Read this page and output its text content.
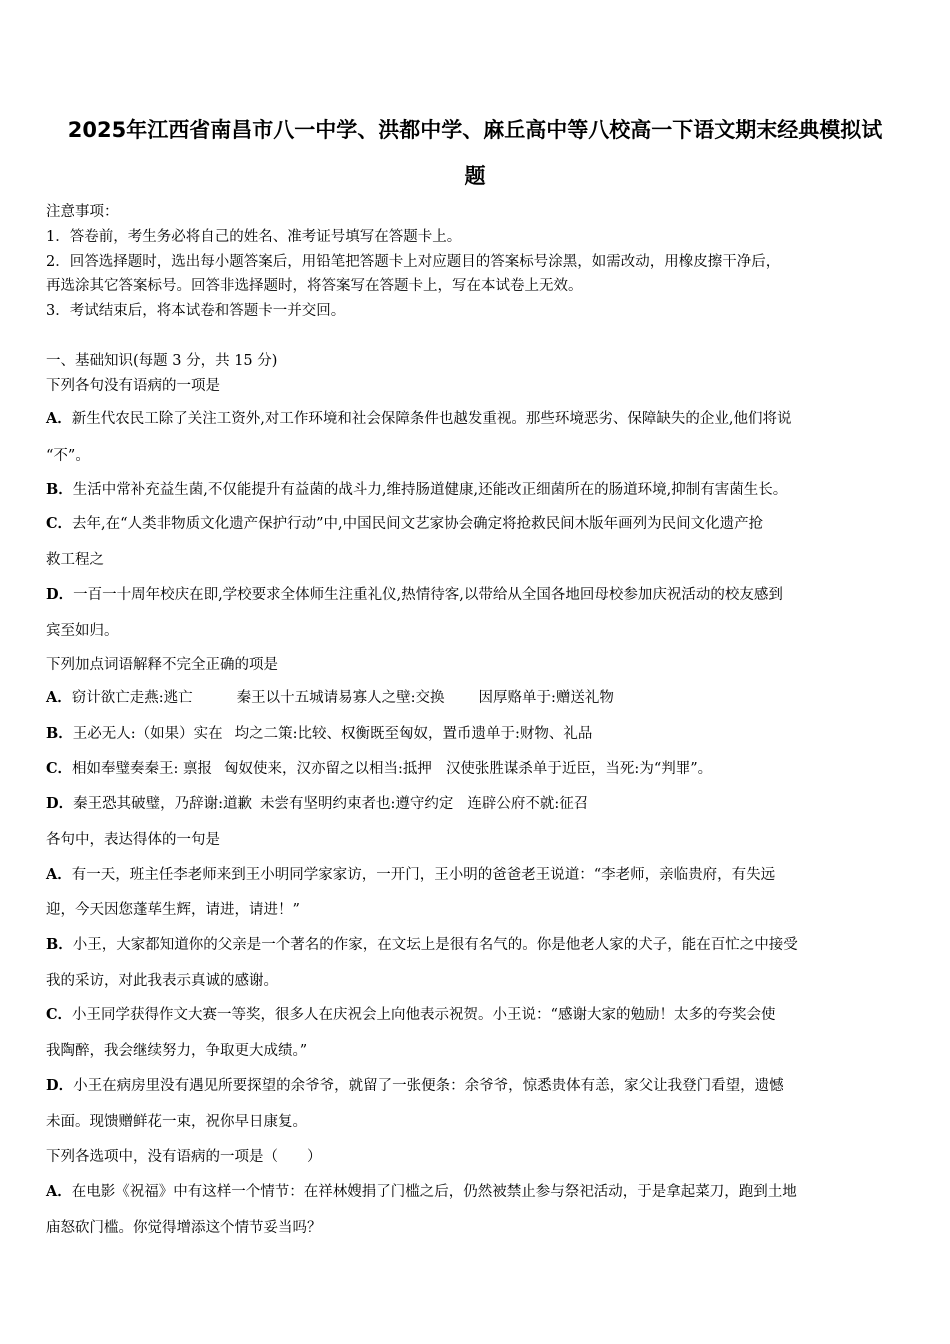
2025年江西省南昌市八一中学、洪都中学、麻丘高中等八校高一下语文期末经典模拟试
题
注意事项：
1．答卷前，考生务必将自己的姓名、准考证号填写在答题卡上。
2．回答选择题时，选出每小题答案后，用铅笔把答题卡上对应题目的答案标号涂黑，如需改动，用橡皮擦干净后，
再选涂其它答案标号。回答非选择题时，将答案写在答题卡上，写在本试卷上无效。
3．考试结束后，将本试卷和答题卡一并交回。
一、基础知识(每题 3 分，共 15 分)
下列各句没有语病的一项是
A．新生代农民工除了关注工资外,对工作环境和社会保障条件也越发重视。那些环境恶劣、保障缺失的企业,他们将说
“不”。
B．生活中常补充益生菌,不仅能提升有益菌的战斗力,维持肠道健康,还能改正细菌所在的肠道环境,抑制有害菌生长。
C．去年,在“人类非物质文化遗产保护行动”中,中国民间文艺家协会确定将抢救民间木版年画列为民间文化遗产抢
救工程之
D．一百一十周年校庆在即,学校要求全体师生注重礼仪,热情待客,以带给从全国各地回母校参加庆祝活动的校友感到
宾至如归。
下列加点词语解释不完全正确的项是
A．窃计欲亡走燕:逃亡	秦王以十五城请易寡人之壁:交换 因厚赂单于:赠送礼物
B．王必无人:（如果）实在 均之二策:比较、权衡既至匈奴，置币遗单于:财物、礼品
C．相如奉璧奏秦王: 禀报 匈奴使来，汉亦留之以相当:抵押 汉使张胜谋杀单于近臣，当死:为“判罪”。
D．秦王恐其破璧，乃辞谢:道歉 未尝有坚明约束者也:遵守约定 连辟公府不就:征召
各句中，表达得体的一句是
A．有一天，班主任李老师来到王小明同学家家访，一开门，王小明的爸爸老王说道：“李老师，亲临贵府，有失远
迎，今天因您蓬荜生辉，请进，请进！”
B．小王，大家都知道你的父亲是一个著名的作家，在文坛上是很有名气的。你是他老人家的犬子，能在百忙之中接受
我的采访，对此我表示真诚的感谢。
C．小王同学获得作文大赛一等奖，很多人在庆祝会上向他表示祝贺。小王说：“感谢大家的勉励！太多的夸奖会使
我陶醉，我会继续努力，争取更大成绩。”
D．小王在病房里没有遇见所要探望的余爷爷，就留了一张便条：余爷爷，惊悉贵体有恙，家父让我登门看望，遗憾
未面。现馈赠鲜花一束，祝你早日康复。
下列各选项中，没有语病的一项是（　　）
A．在电影《祝福》中有这样一个情节：在祥林嫂捐了门槛之后，仍然被禁止参与祭祀活动，于是拿起菜刀，跑到土地
庙怒砍门槛。你觉得增添这个情节妥当吗？
